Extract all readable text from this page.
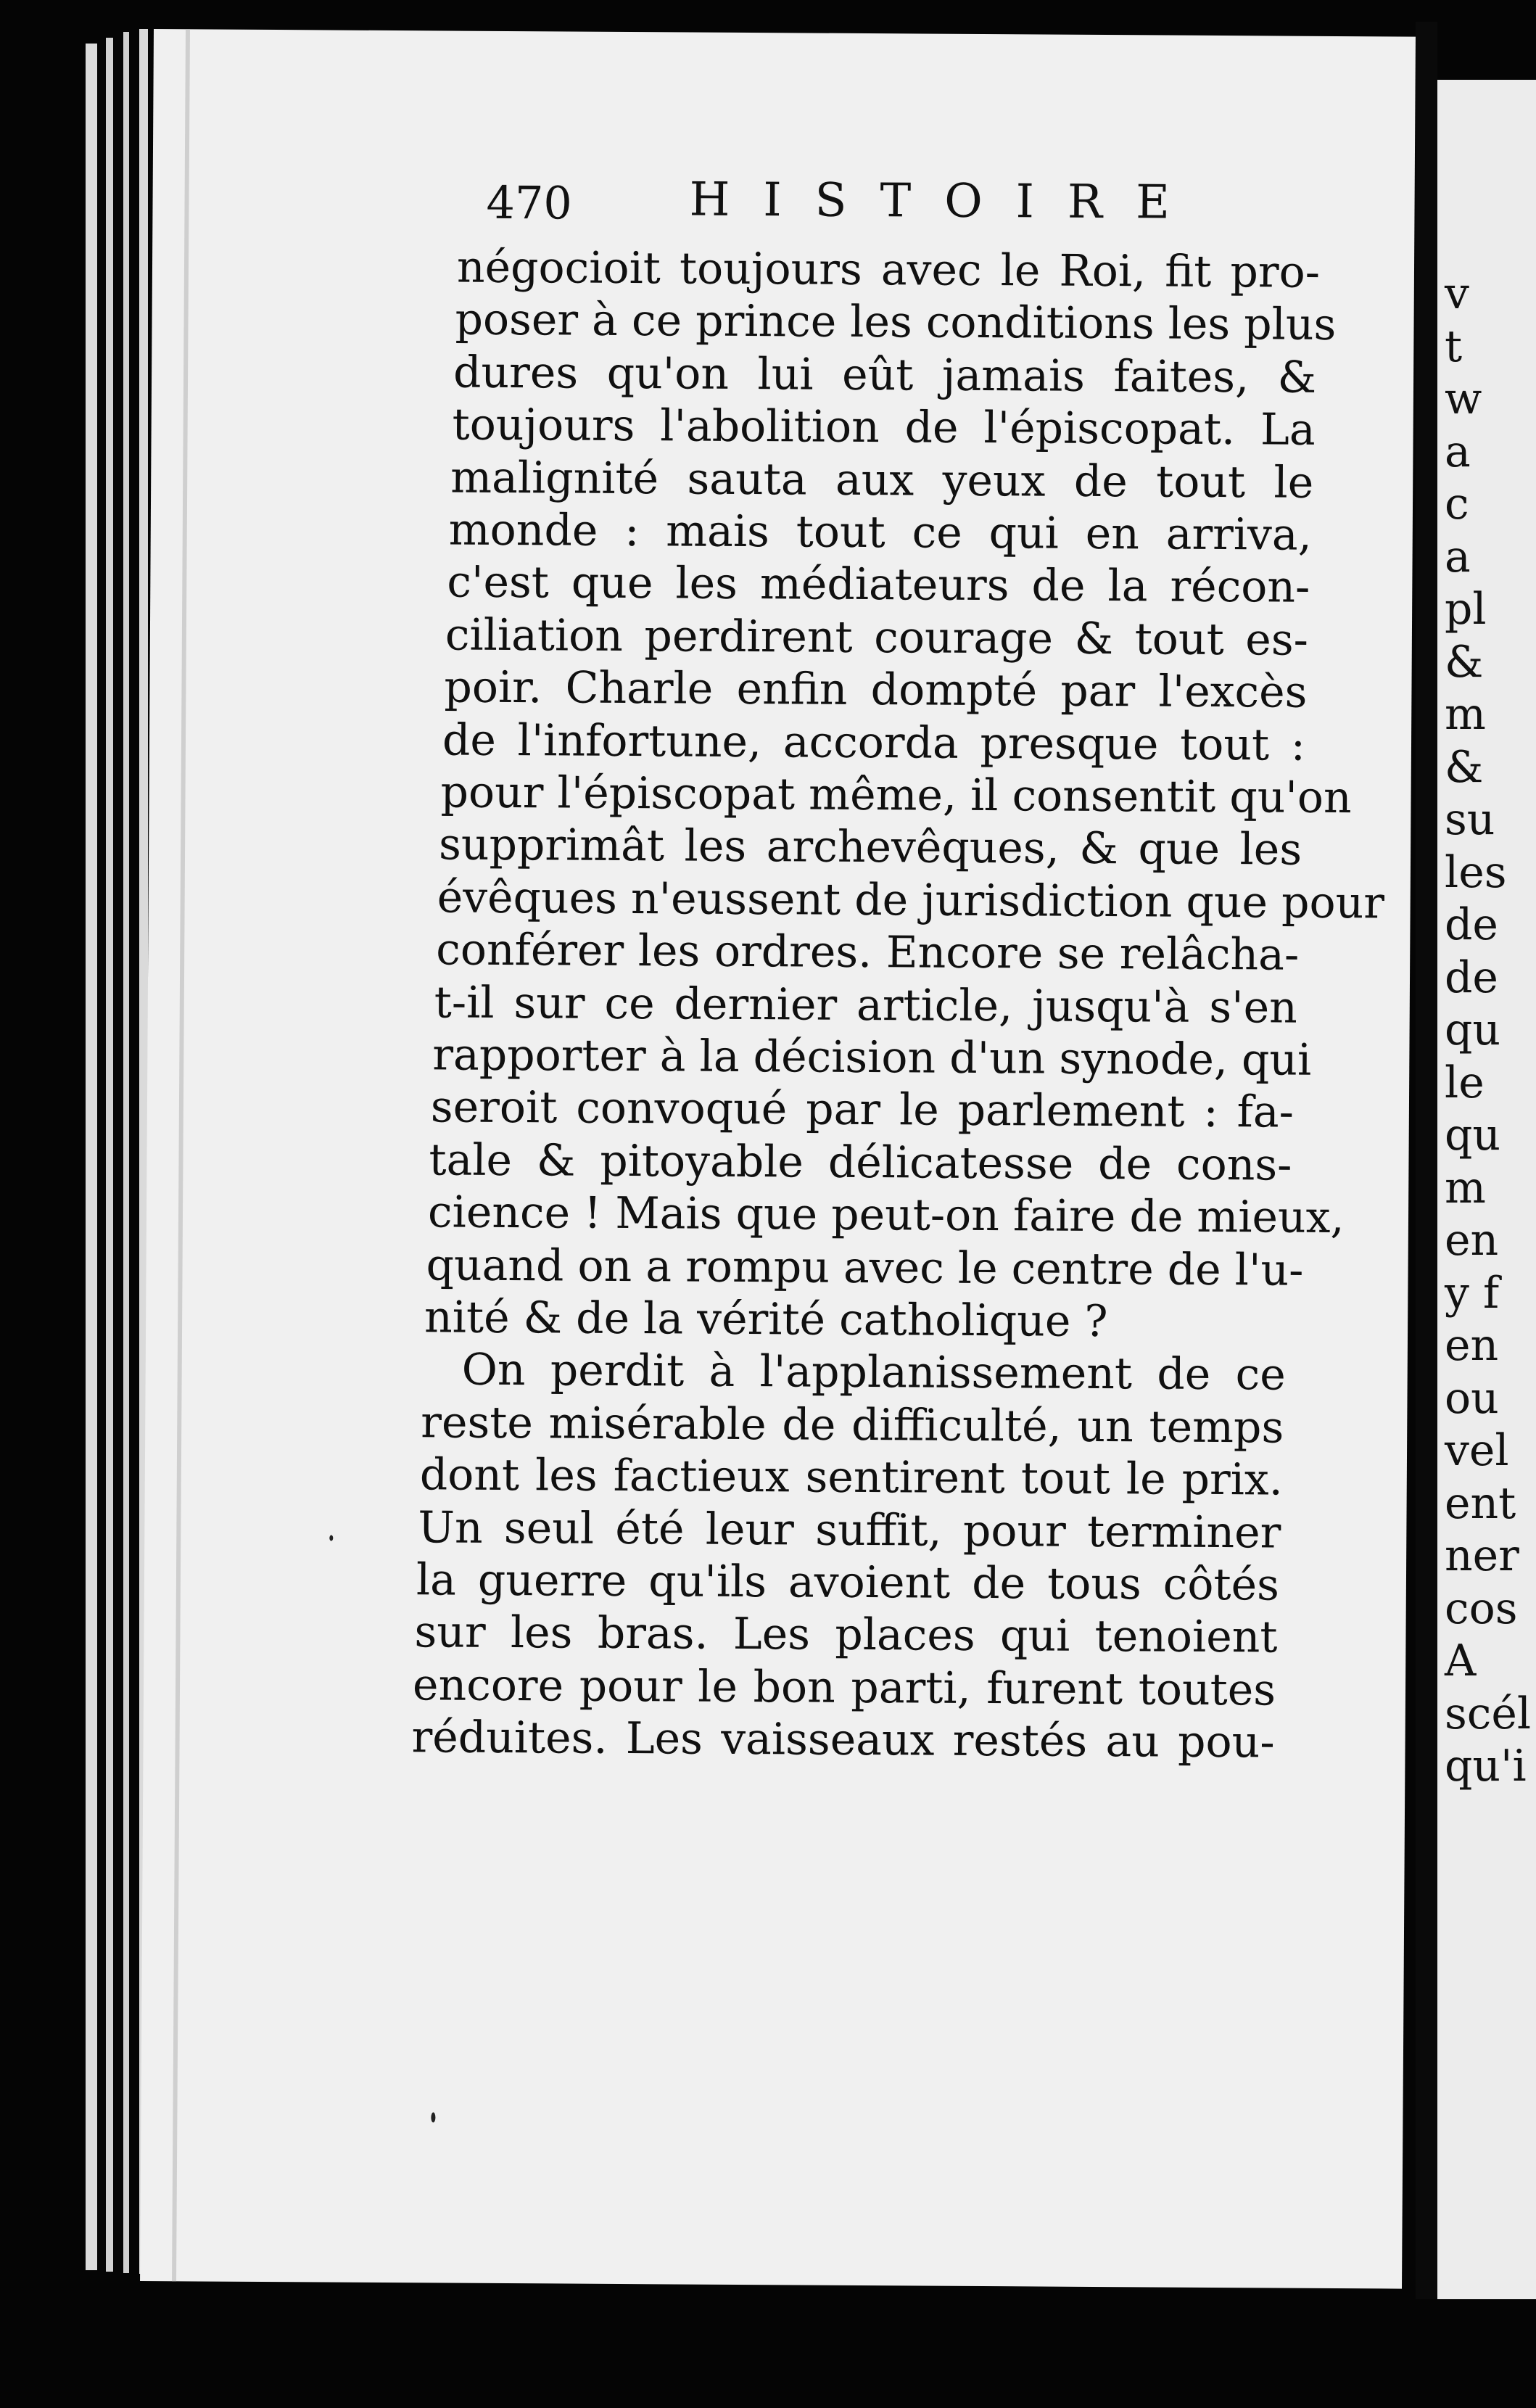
470	HISTOIRE
négocioit toujours avec le Roi, fit pro-
poser à ce prince les conditions les plus
dures qu'on lui eût jamais faites, &
toujours l'abolition de l'épiscopat. La
malignité sauta aux yeux de tout le
monde : mais tout ce qui en arriva,
c'est que les médiateurs de la récon-
ciliation perdirent courage & tout es-
poir. Charle enfin dompté par l'excès
de l'infortune, accorda presque tout :
pour l'épiscopat même, il consentit qu'on
supprimât les archevêques, & que les
évêques n'eussent de jurisdiction que pour
conférer les ordres. Encore se relâcha-
t-il sur ce dernier article, jusqu'à s'en
rapporter à la décision d'un synode, qui
seroit convoqué par le parlement : fa-
tale & pitoyable délicatesse de cons-
cience ! Mais que peut-on faire de mieux,
quand on a rompu avec le centre de l'u-
nité & de la vérité catholique ?
On perdit à l'applanissement de ce
reste misérable de difficulté, un temps
dont les factieux sentirent tout le prix.
Un seul été leur suffit, pour terminer
la guerre qu'ils avoient de tous côtés
sur les bras. Les places qui tenoient
encore pour le bon parti, furent toutes
réduites. Les vaisseaux restés au pou-
v
t
w
a
c
a
pl
&
m
&
su
les
de
de
qu
le
qu
m
en
y f
en
ou
vel
ent
ner
cos
A
scél
qu'i
